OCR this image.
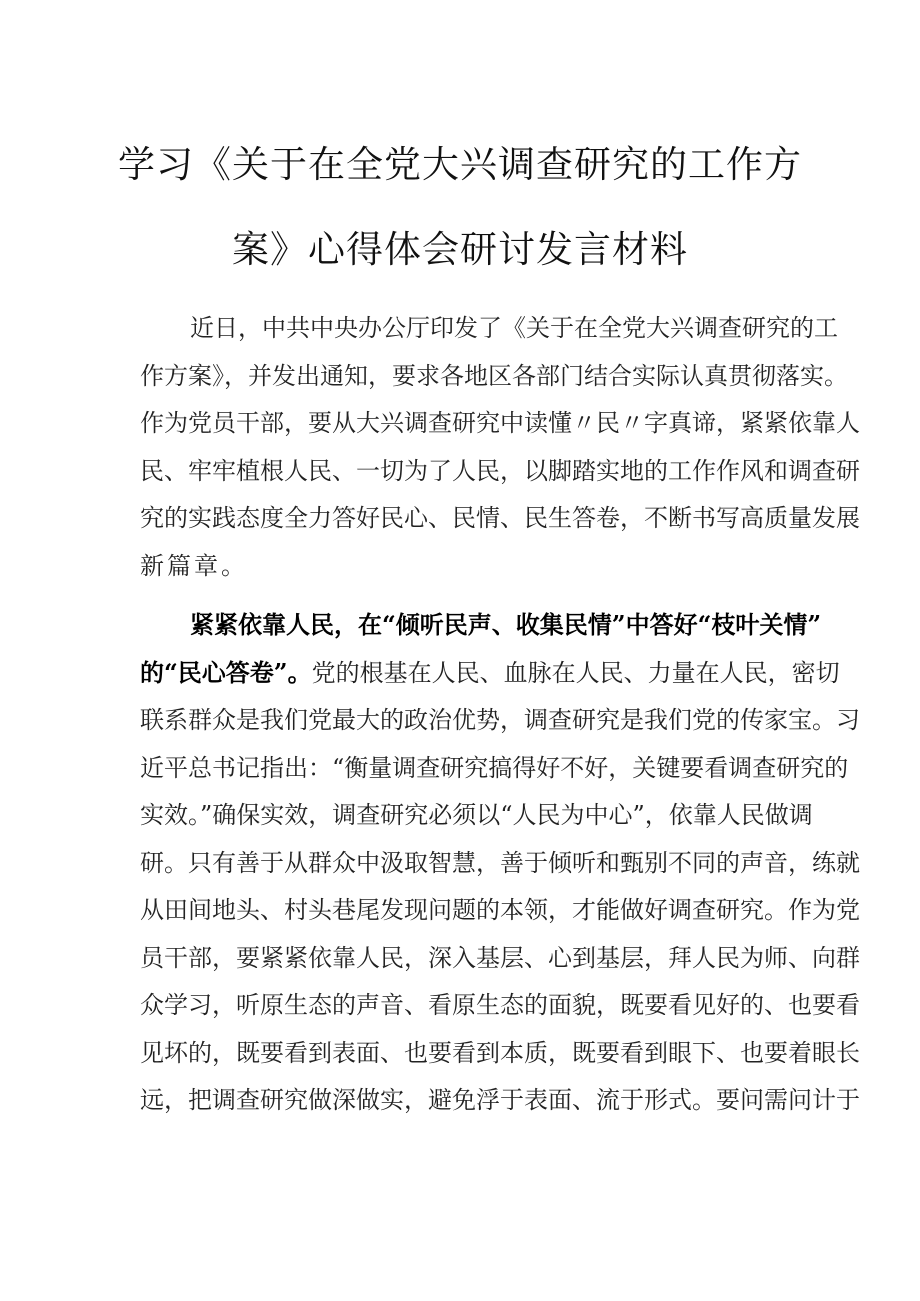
学习《关于在全党大兴调查研究的工作方
案》心得体会研讨发言材料
近日，中共中央办公厅印发了《关于在全党大兴调查研究的工
作方案》，并发出通知，要求各地区各部门结合实际认真贯彻落实。
作为党员干部，要从大兴调查研究中读懂〃民〃字真谛，紧紧依靠人
民、牢牢植根人民、一切为了人民，以脚踏实地的工作作风和调查研
究的实践态度全力答好民心、民情、民生答卷，不断书写高质量发展
新篇章。
紧紧依靠人民，在“倾听民声、收集民情”中答好“枝叶关情”
的“民心答卷”。党的根基在人民、血脉在人民、力量在人民，密切
联系群众是我们党最大的政治优势，调查研究是我们党的传家宝。习
近平总书记指出：“衡量调查研究搞得好不好，关键要看调查研究的
实效。”确保实效，调查研究必须以“人民为中心”，依靠人民做调
研。只有善于从群众中汲取智慧，善于倾听和甄别不同的声音，练就
从田间地头、村头巷尾发现问题的本领，才能做好调查研究。作为党
员干部，要紧紧依靠人民，深入基层、心到基层，拜人民为师、向群
众学习，听原生态的声音、看原生态的面貌，既要看见好的、也要看
见坏的，既要看到表面、也要看到本质，既要看到眼下、也要着眼长
远，把调查研究做深做实，避免浮于表面、流于形式。要问需问计于
